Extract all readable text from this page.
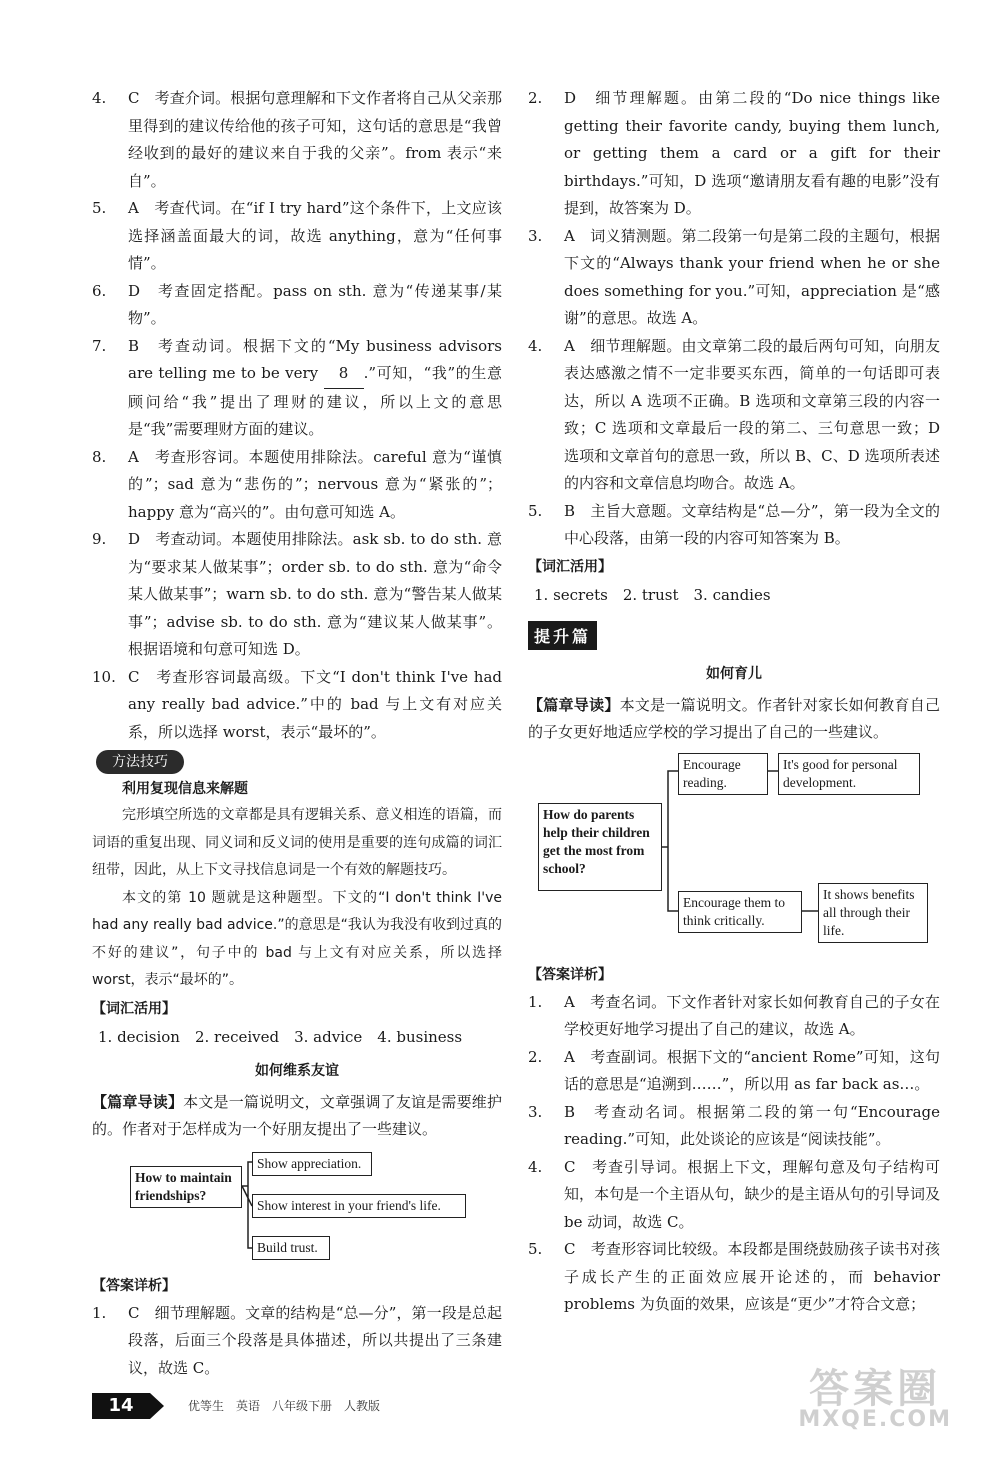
4.	C　考查介词。根据句意理解和下文作者将自己从父亲那里得到的建议传给他的孩子可知，这句话的意思是“我曾经收到的最好的建议来自于我的父亲”。from 表示“来自”。
5.	A　考查代词。在“if I try hard”这个条件下，上文应该选择涵盖面最大的词，故选 anything，意为“任何事情”。
6.	D　考查固定搭配。pass on sth. 意为“传递某事/某物”。
7.	B　考查动词。根据下文的“My business advisors are telling me to be very 8 .”可知，“我”的生意顾问给“我”提出了理财的建议，所以上文的意思是“我”需要理财方面的建议。
8.	A　考查形容词。本题使用排除法。careful 意为“谨慎的”；sad 意为“悲伤的”；nervous 意为“紧张的”；happy 意为“高兴的”。由句意可知选 A。
9.	D　考查动词。本题使用排除法。ask sb. to do sth. 意为“要求某人做某事”；order sb. to do sth. 意为“命令某人做某事”；warn sb. to do sth. 意为“警告某人做某事”；advise sb. to do sth. 意为“建议某人做某事”。根据语境和句意可知选 D。
10. C　考查形容词最高级。下文“I don't think I've had any really bad advice.”中的 bad 与上文有对应关系，所以选择 worst，表示“最坏的”。
方法技巧
利用复现信息来解题

完形填空所选的文章都是具有逻辑关系、意义相连的语篇，而词语的重复出现、同义词和反义词的使用是重要的连句成篇的词汇纽带，因此，从上下文寻找信息词是一个有效的解题技巧。

本文的第 10 题就是这种题型。下文的“I don't think I've had any really bad advice.”的意思是“我认为我没有收到过真的不好的建议”，句子中的 bad 与上文有对应关系，所以选择 worst，表示“最坏的”。

【词汇活用】

1. decision　2. received　3. advice　4. business

如何维系友谊

【篇章导读】本文是一篇说明文，文章强调了友谊是需要维护的。作者对于怎样成为一个好朋友提出了一些建议。

How to maintain friendships?
Show appreciation.
Show interest in your friend's life.
Build trust.

【答案详析】

1.	C　细节理解题。文章的结构是“总—分”，第一段是总起段落，后面三个段落是具体描述，所以共提出了三条建议，故选 C。
2.	D　细节理解题。由第二段的“Do nice things like getting their favorite candy, buying them lunch, or getting them a card or a gift for their birthdays.”可知，D 选项“邀请朋友看有趣的电影”没有提到，故答案为 D。
3.	A　词义猜测题。第二段第一句是第二段的主题句，根据下文的“Always thank your friend when he or she does something for you.”可知，appreciation 是“感谢”的意思。故选 A。
4.	A　细节理解题。由文章第二段的最后两句可知，向朋友表达感激之情不一定非要买东西，简单的一句话即可表达，所以 A 选项不正确。B 选项和文章第三段的内容一致；C 选项和文章最后一段的第二、三句意思一致；D 选项和文章首句的意思一致，所以 B、C、D 选项所表述的内容和文章信息均吻合。故选 A。
5.	B　主旨大意题。文章结构是“总—分”，第一段为全文的中心段落，由第一段的内容可知答案为 B。

【词汇活用】

1. secrets　2. trust　3. candies

提升篇
如何育儿

【篇章导读】本文是一篇说明文。作者针对家长如何教育自己的子女更好地适应学校的学习提出了自己的一些建议。

How do parents help their children get the most from school?
Encourage reading.
It's good for personal development.
Encourage them to think critically.
It shows benefits all through their life.

【答案详析】

1.	A　考查名词。下文作者针对家长如何教育自己的子女在学校更好地学习提出了自己的建议，故选 A。
2.	A　考查副词。根据下文的“ancient Rome”可知，这句话的意思是“追溯到……”，所以用 as far back as…。
3.	B　考查动名词。根据第二段的第一句“Encourage reading.”可知，此处谈论的应该是“阅读技能”。
4.	C　考查引导词。根据上下文，理解句意及句子结构可知，本句是一个主语从句，缺少的是主语从句的引导词及 be 动词，故选 C。
5.	C　考查形容词比较级。本段都是围绕鼓励孩子读书对孩子成长产生的正面效应展开论述的，而 behavior problems 为负面的效果，应该是“更少”才符合文意；
14	优等生　英语　八年级下册　人教版	答案圈
MXQE.COM
